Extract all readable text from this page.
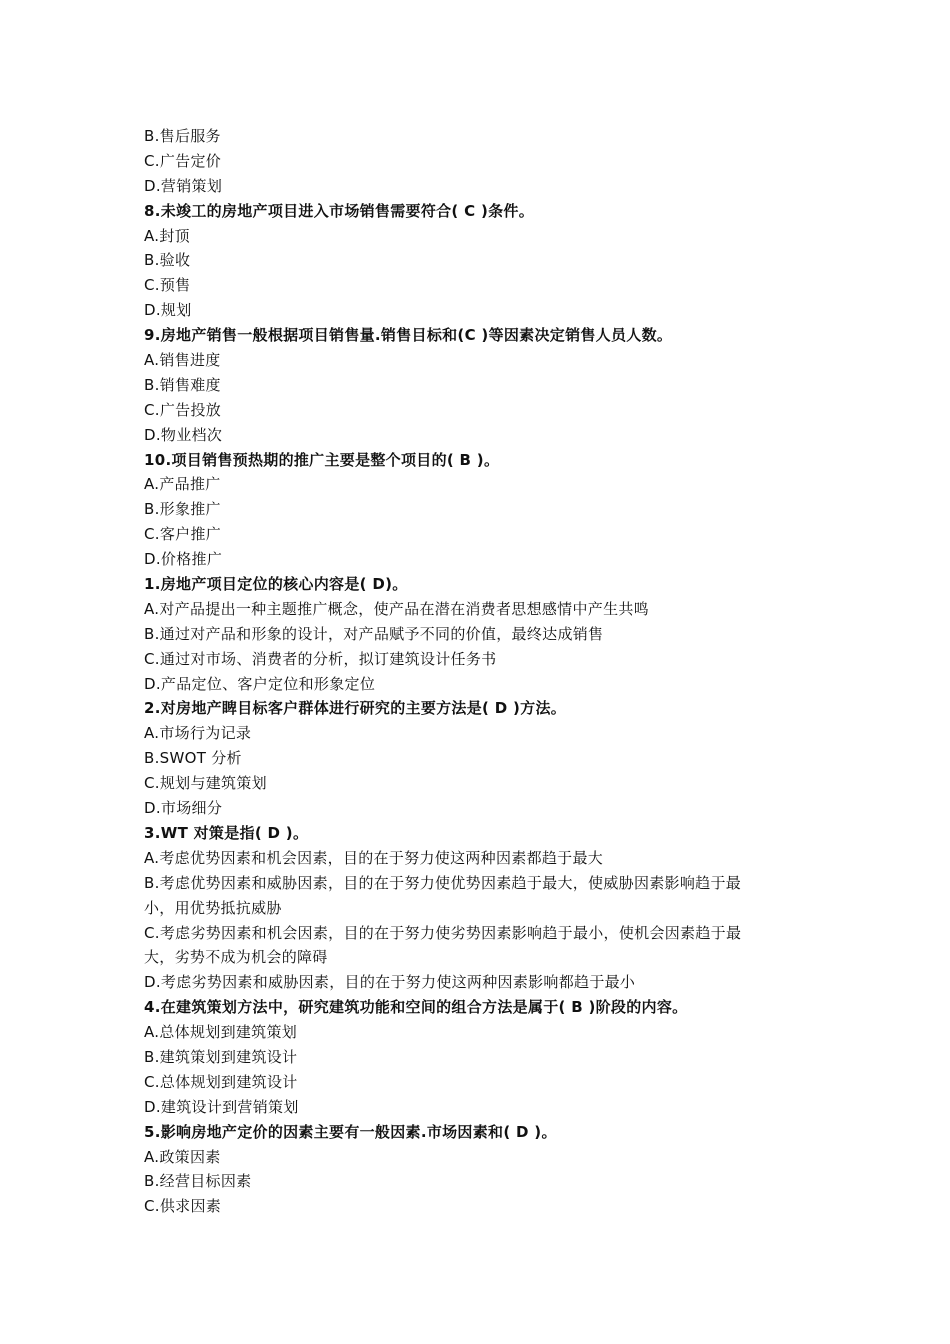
B.售后服务
C.广告定价
D.营销策划
8.未竣工的房地产项目进入市场销售需要符合( C )条件。
A.封顶
B.验收
C.预售
D.规划
9.房地产销售一般根据项目销售量.销售目标和(C )等因素决定销售人员人数。
A.销售进度
B.销售难度
C.广告投放
D.物业档次
10.项目销售预热期的推广主要是整个项目的( B )。
A.产品推广
B.形象推广
C.客户推广
D.价格推广
1.房地产项目定位的核心内容是( D)。
A.对产品提出一种主题推广概念，使产品在潜在消费者思想感情中产生共鸣
B.通过对产品和形象的设计，对产品赋予不同的价值，最终达成销售
C.通过对市场、消费者的分析，拟订建筑设计任务书
D.产品定位、客户定位和形象定位
2.对房地产睥目标客户群体进行研究的主要方法是( D )方法。
A.市场行为记录
B.SWOT 分析
C.规划与建筑策划
D.市场细分
3.WT 对策是指( D )。
A.考虑优势因素和机会因素，目的在于努力使这两种因素都趋于最大
B.考虑优势因素和威胁因素，目的在于努力使优势因素趋于最大，使威胁因素影响趋于最
小，用优势抵抗威胁
C.考虑劣势因素和机会因素，目的在于努力使劣势因素影响趋于最小，使机会因素趋于最
大，劣势不成为机会的障碍
D.考虑劣势因素和威胁因素，目的在于努力使这两种因素影响都趋于最小
4.在建筑策划方法中，研究建筑功能和空间的组合方法是属于( B )阶段的内容。
A.总体规划到建筑策划
B.建筑策划到建筑设计
C.总体规划到建筑设计
D.建筑设计到营销策划
5.影响房地产定价的因素主要有一般因素.市场因素和( D )。
A.政策因素
B.经营目标因素
C.供求因素
